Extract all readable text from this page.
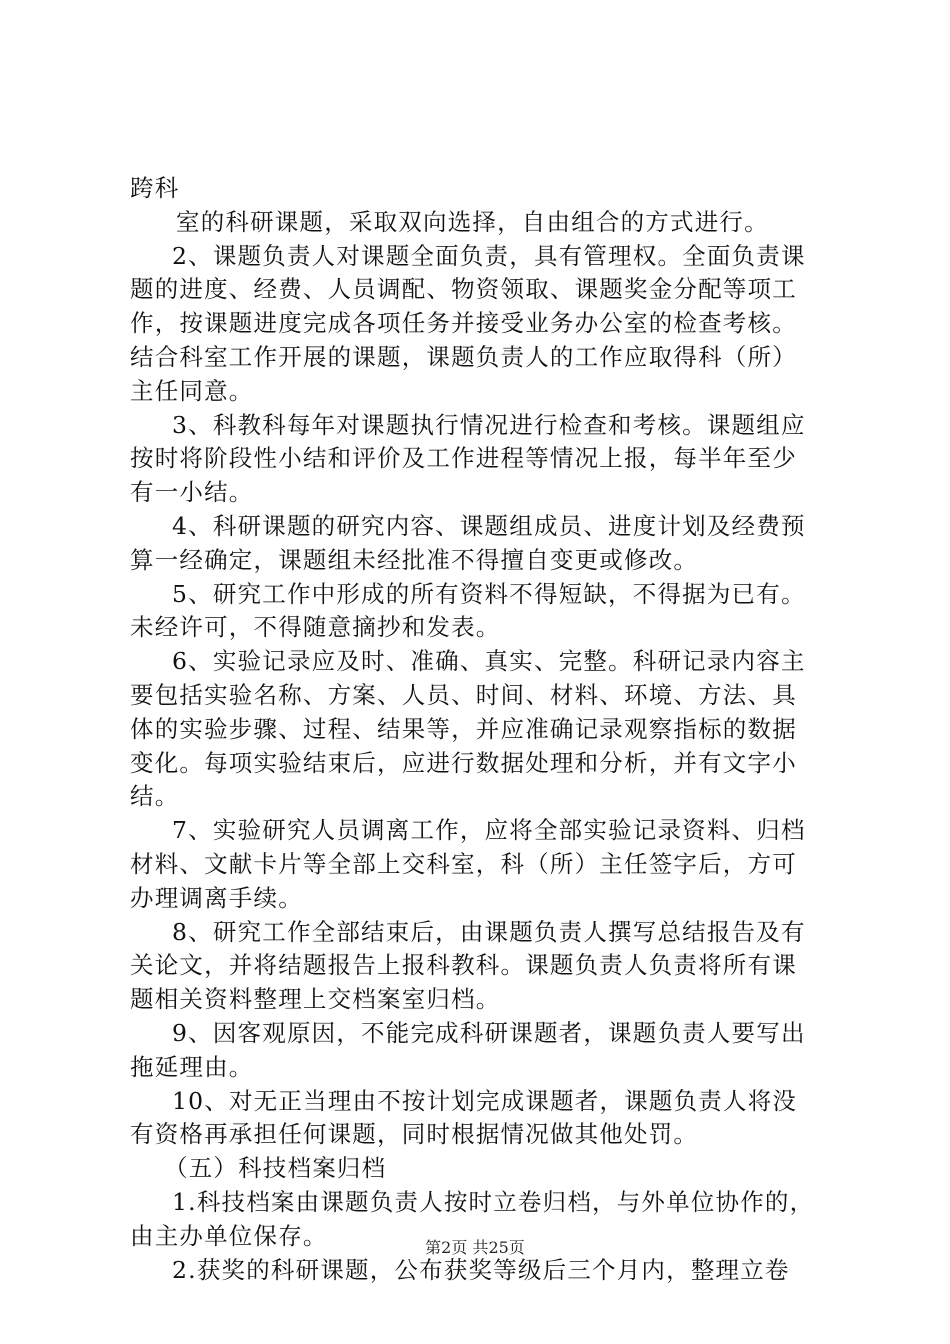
跨科
室的科研课题，采取双向选择，自由组合的方式进行。
2、课题负责人对课题全面负责，具有管理权。全面负责课
题的进度、经费、人员调配、物资领取、课题奖金分配等项工
作，按课题进度完成各项任务并接受业务办公室的检查考核。
结合科室工作开展的课题，课题负责人的工作应取得科（所）
主任同意。
3、科教科每年对课题执行情况进行检查和考核。课题组应
按时将阶段性小结和评价及工作进程等情况上报，每半年至少
有一小结。
4、科研课题的研究内容、课题组成员、进度计划及经费预
算一经确定，课题组未经批准不得擅自变更或修改。
5、研究工作中形成的所有资料不得短缺，不得据为已有。
未经许可，不得随意摘抄和发表。
6、实验记录应及时、准确、真实、完整。科研记录内容主
要包括实验名称、方案、人员、时间、材料、环境、方法、具
体的实验步骤、过程、结果等，并应准确记录观察指标的数据
变化。每项实验结束后，应进行数据处理和分析，并有文字小
结。
7、实验研究人员调离工作，应将全部实验记录资料、归档
材料、文献卡片等全部上交科室，科（所）主任签字后，方可
办理调离手续。
8、研究工作全部结束后，由课题负责人撰写总结报告及有
关论文，并将结题报告上报科教科。课题负责人负责将所有课
题相关资料整理上交档案室归档。
9、因客观原因，不能完成科研课题者，课题负责人要写出
拖延理由。
10、对无正当理由不按计划完成课题者，课题负责人将没
有资格再承担任何课题，同时根据情况做其他处罚。
（五）科技档案归档
1.科技档案由课题负责人按时立卷归档，与外单位协作的，
由主办单位保存。
2.获奖的科研课题，公布获奖等级后三个月内，整理立卷
第2页 共25页
